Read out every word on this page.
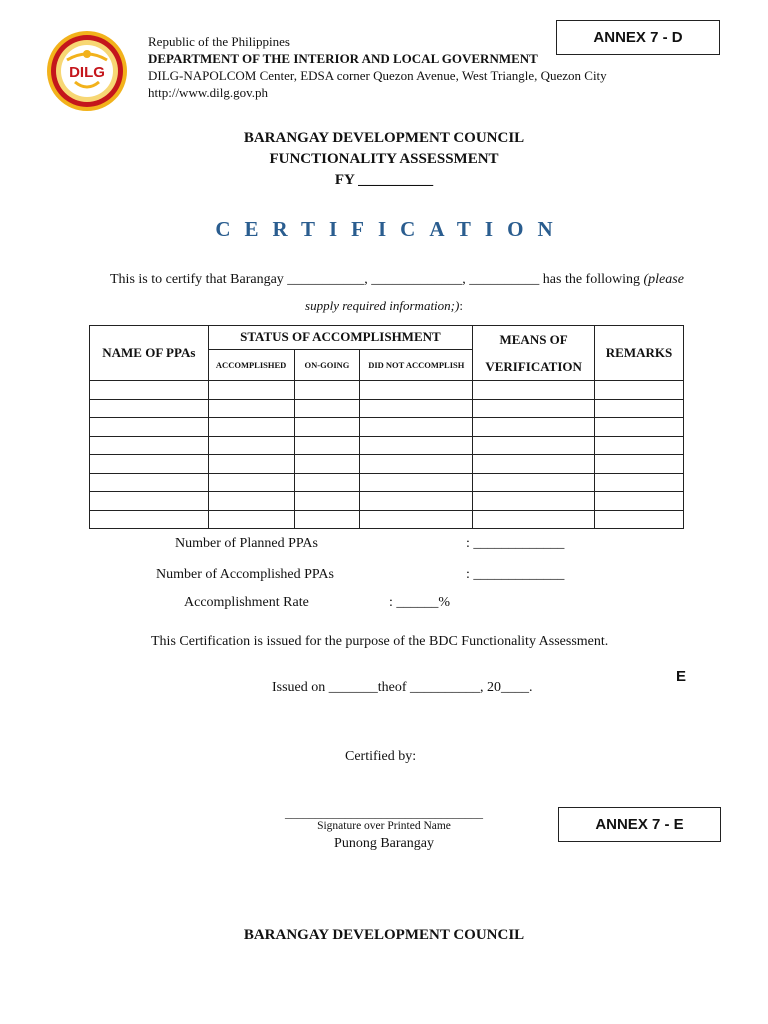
DILG
Republic of the Philippines
DEPARTMENT OF THE INTERIOR AND LOCAL GOVERNMENT
DILG-NAPOLCOM Center, EDSA corner Quezon Avenue, West Triangle, Quezon City
http://www.dilg.gov.ph
ANNEX 7 - D
BARANGAY DEVELOPMENT COUNCIL
FUNCTIONALITY ASSESSMENT
FY __________
CERTIFICATION
This is to certify that Barangay ___________, _____________, __________ has the following (please
supply required information;):
NAME OF PPAs	STATUS OF ACCOMPLISHMENT			MEANS OF VERIFICATION	REMARKS
	ACCOMPLISHED	ON-GOING	DID NOT ACCOMPLISH		

Number of Planned PPAs	: _____________
Number of Accomplished PPAs	: _____________
Accomplishment Rate	: ______%
This Certification is issued for the purpose of the BDC Functionality Assessment.
Issued on _______theof __________, 20____.
E
Certified by:
_________________________________
Signature over Printed Name
Punong Barangay
ANNEX 7 - E
BARANGAY DEVELOPMENT COUNCIL
